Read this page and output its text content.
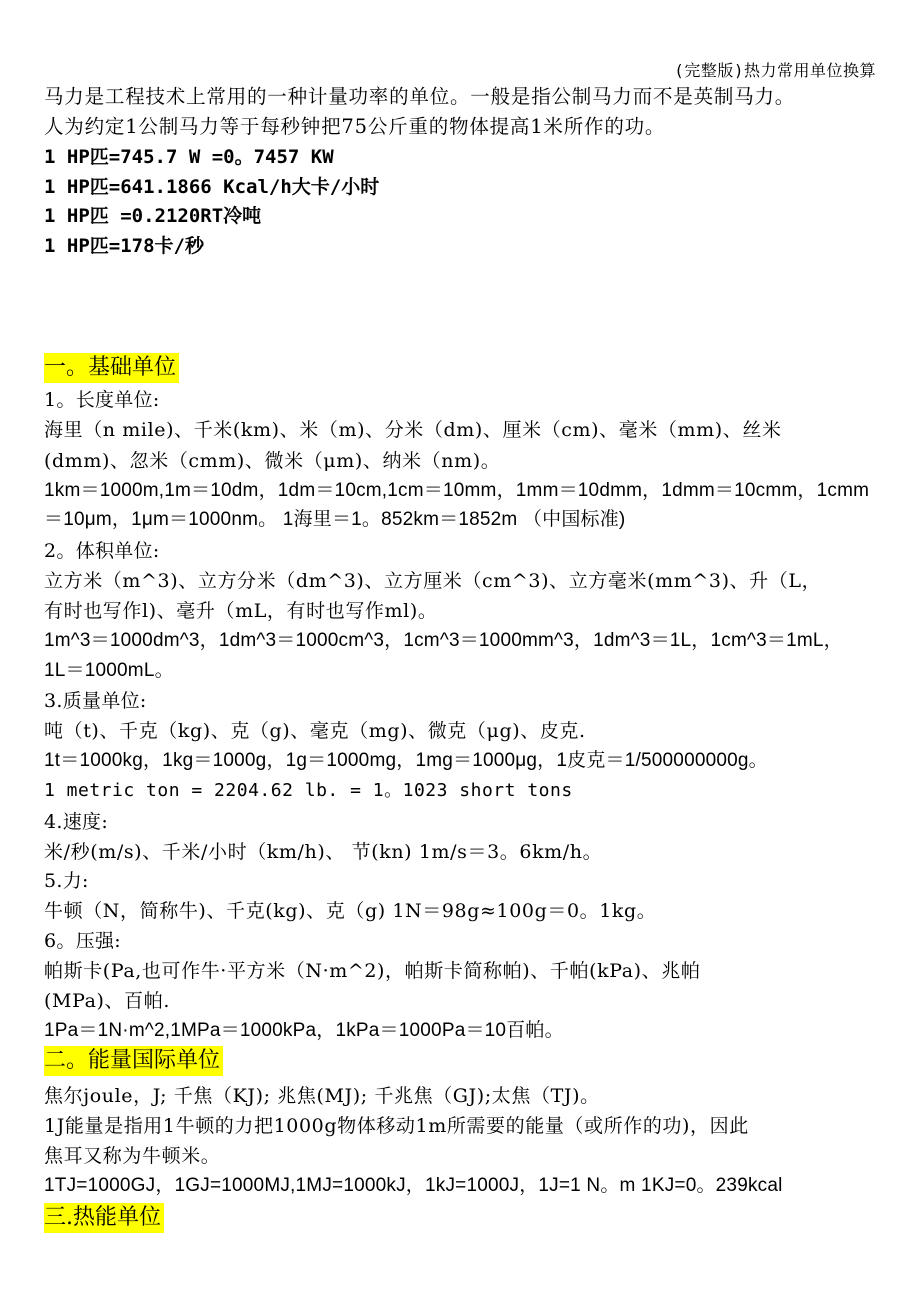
(完整版)热力常用单位换算
马力是工程技术上常用的一种计量功率的单位。一般是指公制马力而不是英制马力。
人为约定1公制马力等于每秒钟把75公斤重的物体提高1米所作的功。
1 HP匹=745.7 W =0。7457 KW
1 HP匹=641.1866 Kcal/h大卡/小时
1 HP匹 =0.2120RT冷吨
1 HP匹=178卡/秒
一。基础单位
1。长度单位:
海里（n mile)、千米(km)、米（m)、分米（dm)、厘米（cm)、毫米（mm)、丝米
(dmm)、忽米（cmm)、微米（μm)、纳米（nm)。
1km＝1000m,1m＝10dm，1dm＝10cm,1cm＝10mm，1mm＝10dmm，1dmm＝10cmm，1cmm
＝10μm，1μm＝1000nm。 1海里＝1。852km＝1852m （中国标准)
2。体积单位:
立方米（m^3)、立方分米（dm^3)、立方厘米（cm^3)、立方毫米(mm^3)、升（L，
有时也写作l)、毫升（mL，有时也写作ml)。
1m^3＝1000dm^3，1dm^3＝1000cm^3，1cm^3＝1000mm^3，1dm^3＝1L，1cm^3＝1mL，
1L＝1000mL。
3.质量单位:
吨（t)、千克（kg)、克（g)、毫克（mg)、微克（μg)、皮克.
1t＝1000kg，1kg＝1000g，1g＝1000mg，1mg＝1000μg，1皮克＝1/500000000g。
1 metric ton = 2204.62 lb. = 1。1023 short tons
4.速度:
米/秒(m/s)、千米/小时（km/h)、 节(kn) 1m/s＝3。6km/h。
5.力:
牛顿（N，简称牛)、千克(kg)、克（g) 1N＝98g≈100g＝0。1kg。
6。压强:
帕斯卡(Pa,也可作牛·平方米（N·m^2)，帕斯卡简称帕)、千帕(kPa)、兆帕
(MPa)、百帕.
1Pa＝1N·m^2,1MPa＝1000kPa，1kPa＝1000Pa＝10百帕。
二。能量国际单位
焦尔joule，J; 千焦（KJ); 兆焦(MJ); 千兆焦（GJ);太焦（TJ)。
1J能量是指用1牛顿的力把1000g物体移动1m所需要的能量（或所作的功)，因此
焦耳又称为牛顿米。
1TJ=1000GJ，1GJ=1000MJ,1MJ=1000kJ，1kJ=1000J，1J=1 N。m 1KJ=0。239kcal
三.热能单位
